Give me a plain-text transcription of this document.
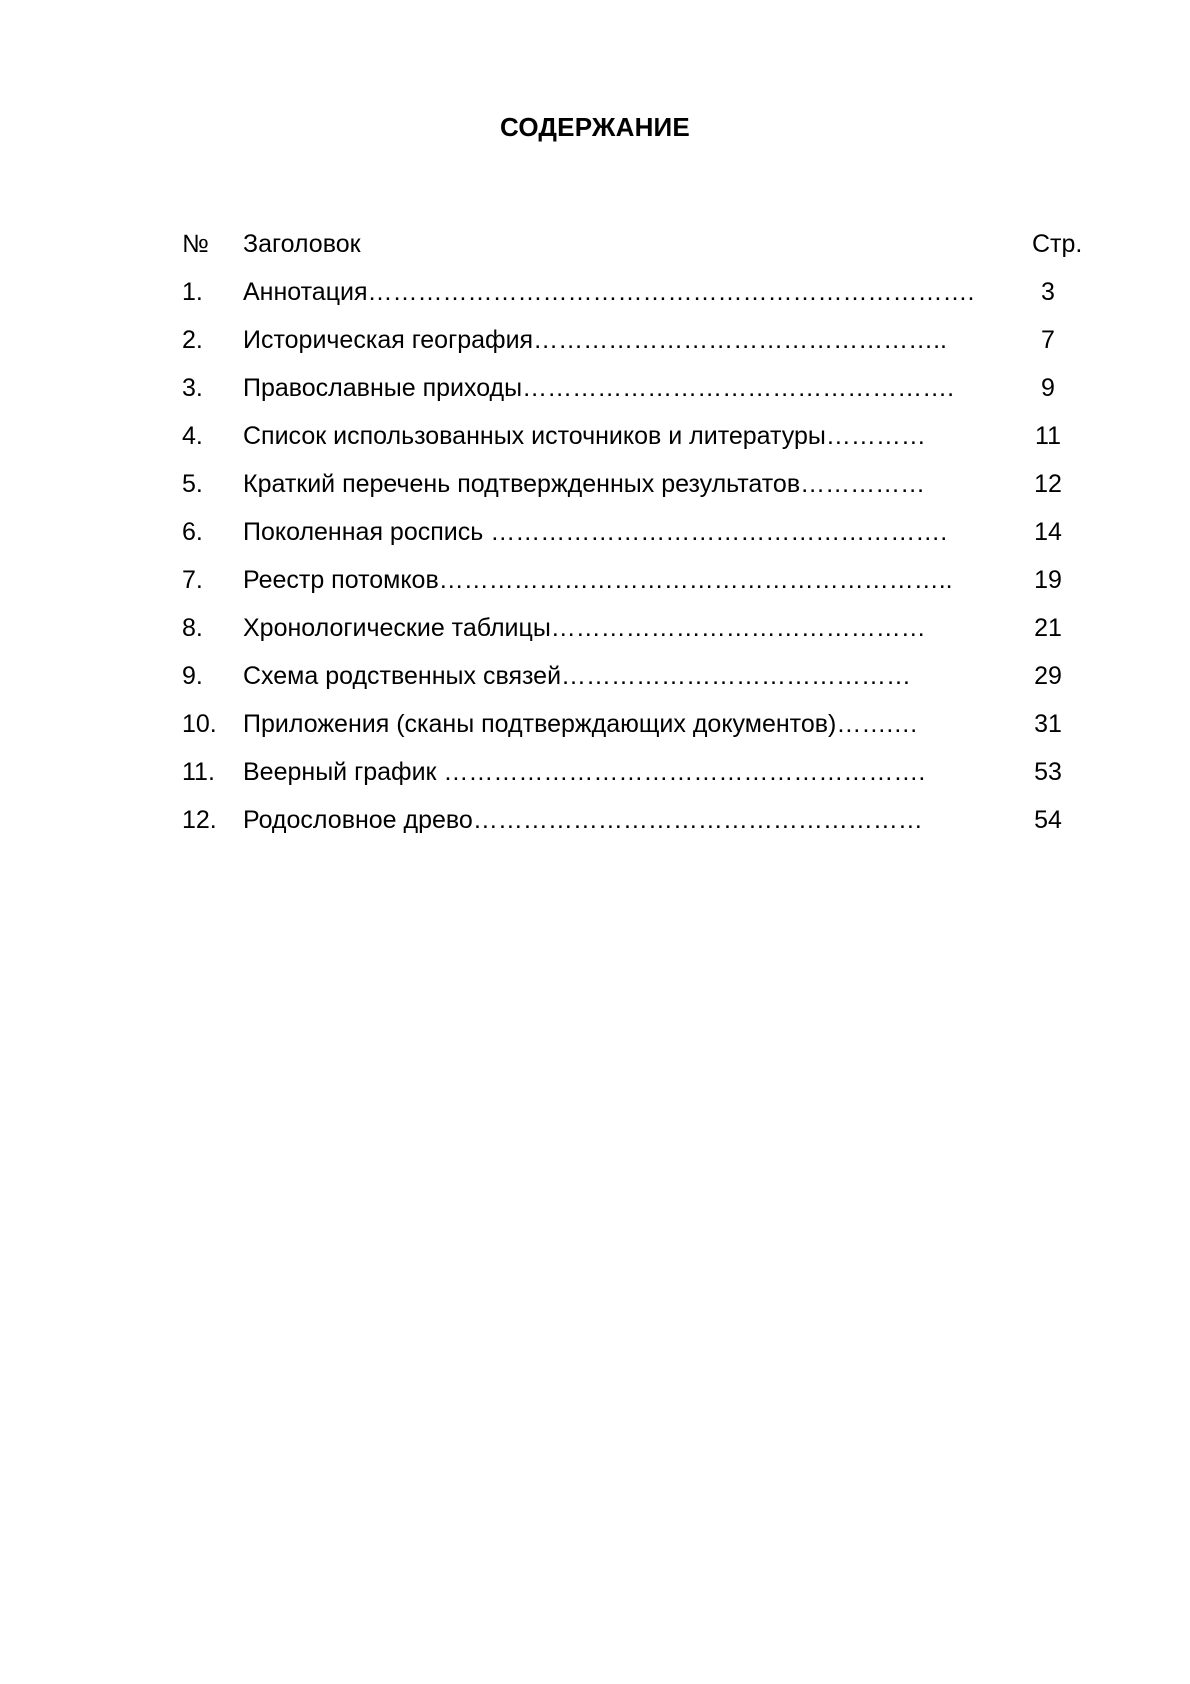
СОДЕРЖАНИЕ
№ Заголовок	Стр.
1. Аннотация……………………………………………………………….	3
2. Историческая география…………………………………………..	7
3. Православные приходы…………………………………………….	9
4. Список использованных источников и литературы…………	11
5. Краткий перечень подтвержденных результатов……………	12
6. Поколенная роспись ……………………………………………….	14
7. Реестр потомков……………………………………………………..	19
8. Хронологические таблицы………………………………………	21
9. Схема родственных связей……………………………………	29
10. Приложения (сканы подтверждающих документов)…….…	31
11. Веерный график ………………………………………………….	53
12. Родословное древо………………………………………………	54
